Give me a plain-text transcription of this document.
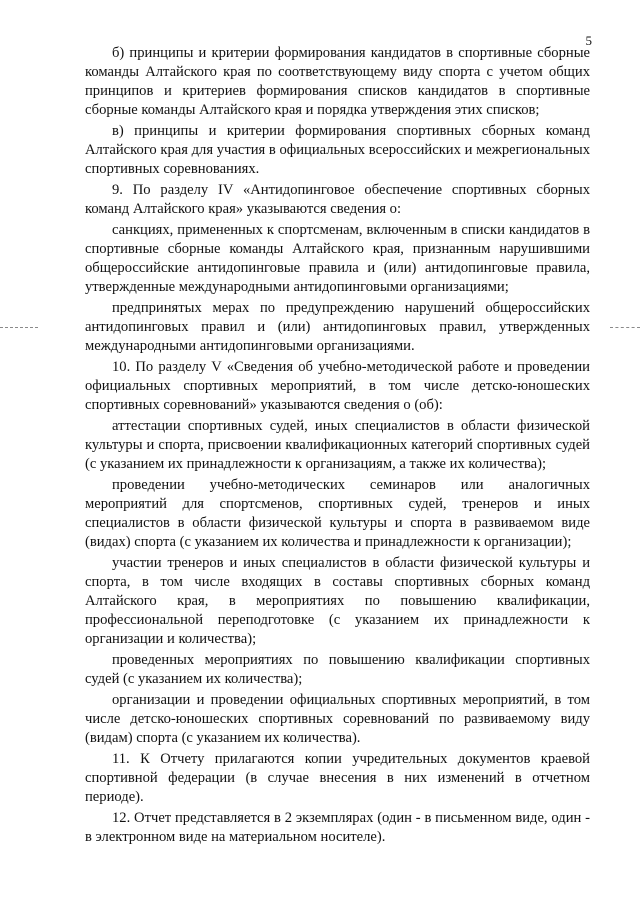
5

б) принципы и критерии формирования кандидатов в спортивные сборные команды Алтайского края по соответствующему виду спорта с учетом общих принципов и критериев формирования списков кандидатов в спортивные сборные команды Алтайского края и порядка утверждения этих списков;

в) принципы и критерии формирования спортивных сборных команд Алтайского края для участия в официальных всероссийских и межрегиональных спортивных соревнованиях.

9. По разделу IV «Антидопинговое обеспечение спортивных сборных команд Алтайского края» указываются сведения о:

санкциях, примененных к спортсменам, включенным в списки кандидатов в спортивные сборные команды Алтайского края, признанным нарушившими общероссийские антидопинговые правила и (или) антидопинговые правила, утвержденные международными антидопинговыми организациями;

предпринятых мерах по предупреждению нарушений общероссийских антидопинговых правил и (или) антидопинговых правил, утвержденных международными антидопинговыми организациями.

10. По разделу V «Сведения об учебно-методической работе и проведении официальных спортивных мероприятий, в том числе детско-юношеских спортивных соревнований» указываются сведения о (об):

аттестации спортивных судей, иных специалистов в области физической культуры и спорта, присвоении квалификационных категорий спортивных судей (с указанием их принадлежности к организациям, а также их количества);

проведении учебно-методических семинаров или аналогичных мероприятий для спортсменов, спортивных судей, тренеров и иных специалистов в области физической культуры и спорта в развиваемом виде (видах) спорта (с указанием их количества и принадлежности к организации);

участии тренеров и иных специалистов в области физической культуры и спорта, в том числе входящих в составы спортивных сборных команд Алтайского края, в мероприятиях по повышению квалификации, профессиональной переподготовке (с указанием их принадлежности к организации и количества);

проведенных мероприятиях по повышению квалификации спортивных судей (с указанием их количества);

организации и проведении официальных спортивных мероприятий, в том числе детско-юношеских спортивных соревнований по развиваемому виду (видам) спорта (с указанием их количества).

11. К Отчету прилагаются копии учредительных документов краевой спортивной федерации (в случае внесения в них изменений в отчетном периоде).

12. Отчет представляется в 2 экземплярах (один - в письменном виде, один - в электронном виде на материальном носителе).
